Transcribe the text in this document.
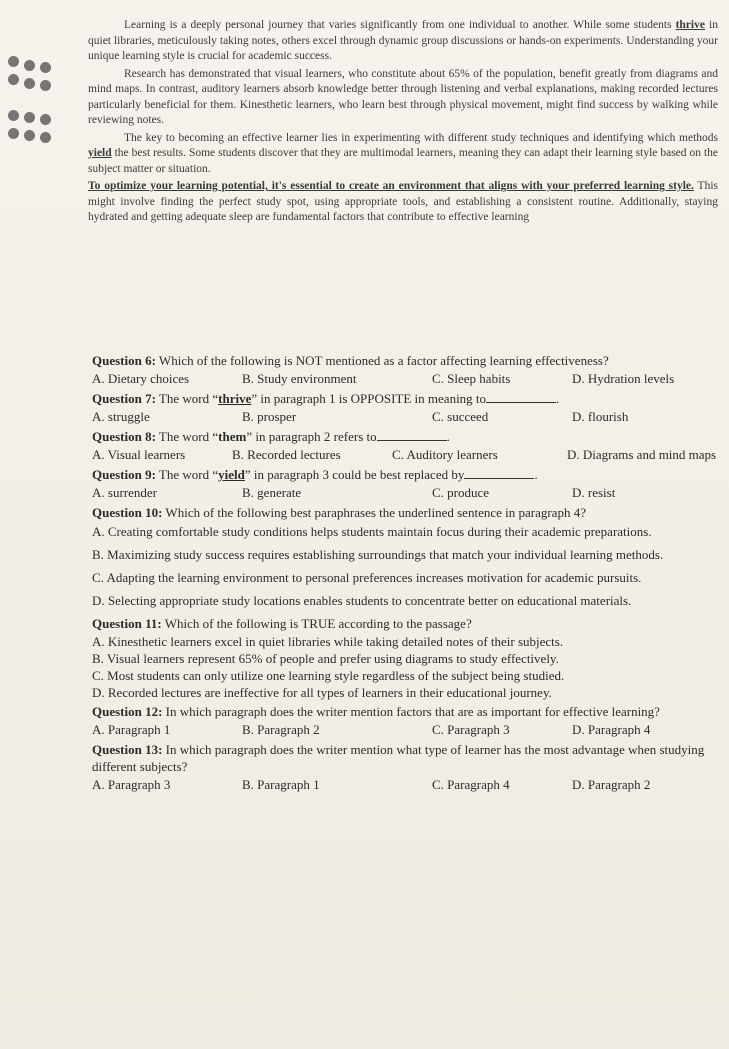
Learning is a deeply personal journey that varies significantly from one individual to another. While some students thrive in quiet libraries, meticulously taking notes, others excel through dynamic group discussions or hands-on experiments. Understanding your unique learning style is crucial for academic success.

Research has demonstrated that visual learners, who constitute about 65% of the population, benefit greatly from diagrams and mind maps. In contrast, auditory learners absorb knowledge better through listening and verbal explanations, making recorded lectures particularly beneficial for them. Kinesthetic learners, who learn best through physical movement, might find success by walking while reviewing notes.

The key to becoming an effective learner lies in experimenting with different study techniques and identifying which methods yield the best results. Some students discover that they are multimodal learners, meaning they can adapt their learning style based on the subject matter or situation.

To optimize your learning potential, it's essential to create an environment that aligns with your preferred learning style. This might involve finding the perfect study spot, using appropriate tools, and establishing a consistent routine. Additionally, staying hydrated and getting adequate sleep are fundamental factors that contribute to effective learning

Question 6: Which of the following is NOT mentioned as a factor affecting learning effectiveness?

A. Dietary choices	B. Study environment	C. Sleep habits	D. Hydration levels

Question 7: The word “thrive” in paragraph 1 is OPPOSITE in meaning to	.

A. struggle	B. prosper	C. succeed	D. flourish

Question 8: The word “them” in paragraph 2 refers to	.

A. Visual learners	B. Recorded lectures	C. Auditory learners	D. Diagrams and mind maps

Question 9: The word “yield” in paragraph 3 could be best replaced by	.

A. surrender	B. generate	C. produce	D. resist

Question 10: Which of the following best paraphrases the underlined sentence in paragraph 4?

A. Creating comfortable study conditions helps students maintain focus during their academic preparations.

B. Maximizing study success requires establishing surroundings that match your individual learning methods.

C. Adapting the learning environment to personal preferences increases motivation for academic pursuits.

D. Selecting appropriate study locations enables students to concentrate better on educational materials.

Question 11: Which of the following is TRUE according to the passage?

A. Kinesthetic learners excel in quiet libraries while taking detailed notes of their subjects.

B. Visual learners represent 65% of people and prefer using diagrams to study effectively.

C. Most students can only utilize one learning style regardless of the subject being studied.

D. Recorded lectures are ineffective for all types of learners in their educational journey.

Question 12: In which paragraph does the writer mention factors that are as important for effective learning?

A. Paragraph 1	B. Paragraph 2	C. Paragraph 3	D. Paragraph 4

Question 13: In which paragraph does the writer mention what type of learner has the most advantage when studying different subjects?

A. Paragraph 3	B. Paragraph 1	C. Paragraph 4	D. Paragraph 2
